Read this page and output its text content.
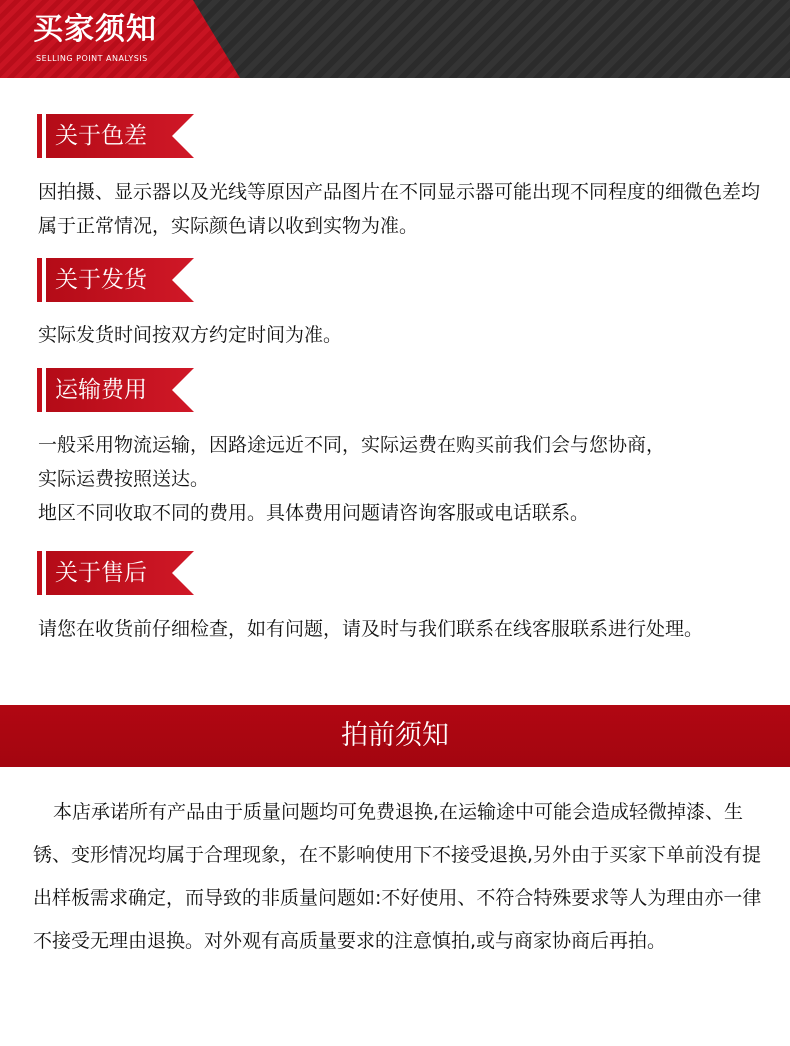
买家须知
SELLING POINT ANALYSIS
关于色差

因拍摄、显示器以及光线等原因产品图片在不同显示器可能出现不同程度的细微色差均属于正常情况，实际颜色请以收到实物为准。

关于发货

实际发货时间按双方约定时间为准。

运输费用

一般采用物流运输，因路途远近不同，实际运费在购买前我们会与您协商，

实际运费按照送达。

地区不同收取不同的费用。具体费用问题请咨询客服或电话联系。

关于售后

请您在收货前仔细检查，如有问题，请及时与我们联系在线客服联系进行处理。

拍前须知
本店承诺所有产品由于质量问题均可免费退换,在运输途中可能会造成轻微掉漆、生锈、变形情况均属于合理现象，在不影响使用下不接受退换,另外由于买家下单前没有提出样板需求确定，而导致的非质量问题如:不好使用、不符合特殊要求等人为理由亦一律不接受无理由退换。对外观有高质量要求的注意慎拍,或与商家协商后再拍。
